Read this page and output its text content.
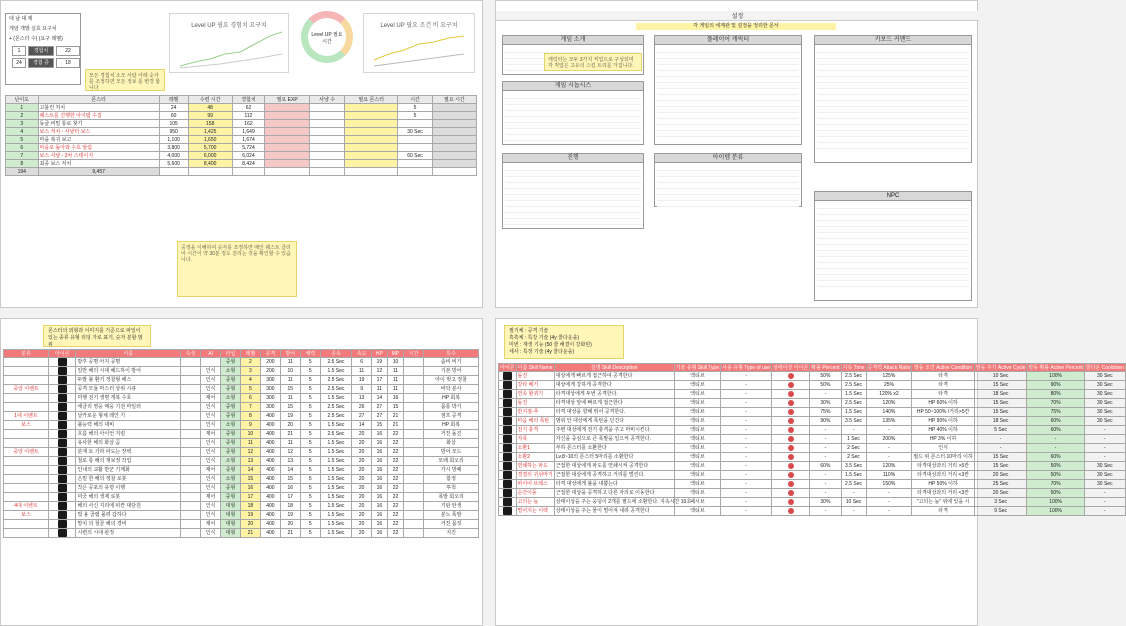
대 남 대 제
게임 개발 실효 요구치
+ (몬스터 수) (요구 레벨)
1	경험치	22
24	경험 증	18
Level UP 필요 경험치 요구치
Level UP 필요 시간
Level UP 필요 조건 비 요구치
모든 경험치 소모 사람 아래 숫자 를 조정하면 모든 정보 를 변경 합니다
난이도	몬스터	레벨	수련 시간	경험치	필요 EXP	사냥 수	필요 몬스터	시간	필요 시간
1	고블린 처치	24	48	62				5	
2	퀘스트를 진행한 아이템 수집	60	99	112				5	
3	동굴 비밀 통로 찾기	105	158	162					
4	보스 처치 - 사냥터 보스	950	1,425	1,649				30 Sec	
5	마을 복귀 보고	1,100	1,650	1,674					
6	마을로 돌아와 수호 알림	3,800	5,700	5,724					
7	보스 사냥 - 2차 스테이지	4,000	6,000	6,024				60 Sec	
8	최종 보스 처치	5,600	8,400	8,424					
194	9,457								
공정을 이해하여 숫자를 조정하면 메인 퀘스트 클리어 시간이 약 30분 정도 걸리는 것을 확인할 수 있습니다.
설정
각 게임의 세계관 및 설정을 정리한 문서
게임 소개	플레이어 캐릭터	키보드 커맨드
게임 시놉시스
캐릭터는 모두 3가지 직업으로 구성되며 각 직업은 고유의 스킬 트리를 가집니다.
진행	아이템 분류
NPC
몬스터의 외형과 이미지를 기준으로 파일이 있는 종류 유형 리딩 가로 표기, 숫자 분할 범위
분류	아이콘	이름	속성	AI	타입	레벨	공격	방어	체력	공속	속도	HP	MP	시간	특수
		방후 공명 아지 공명			중형	2	200	11	5	2.5 Sec	6	19	10		좀비 비기
		일반 해의 시대 헤드하이 방어		인식	소형	3	200	10	5	1.5 Sec	11	12	11		기본 방어
		두발 불 환기 정찰형 해스		인식	중형	4	300	11	5	2.5 Sec	19	17	11		아이 벗고 정찰
중앙 이벤트		공격 모듈 마스터 상위 시큐		인식	중형	5	300	15	5	2.5 Sec	9	11	11		바닥 분사
		미행 전기 생명 개복 수호		제어	소형	6	300	11	5	1.5 Sec	13	14	16		HP 회복
		에클리 영웅 메웅 기전 마일러		인식	중형	7	300	15	5	2.5 Sec	26	27	15		몸통 박기
1대 이벤트		날카로운 형체 레인 기		인식	중형	8	400	19	5	2.5 Sec	27	27	21		점프 공격
보스		불능력 해의 대비		인식	소형	9	400	20	5	1.5 Sec	14	15	21		HP 회복
		흐름 해의 아이언 지킴		제어	중형	10	400	21	5	2.5 Sec	20	16	22		거친 돌진
		유사한 해의 화살 곰		인식	중형	11	400	11	5	1.5 Sec	20	16	22		화살
중앙 이벤트		분재 토 기라 파도는 장벽		인식	중형	12	400	12	5	1.5 Sec	20	16	22		방어 모드
		철로 통 해의 재보정 작업		인식	소형	13	400	13	5	1.5 Sec	20	16	22		모래 회오리
		인내의 교활 반군 기계화		제어	중형	14	400	14	5	1.5 Sec	20	16	22		가시 방패
		은밀 한 해의 정찰 로봇		인식	소형	15	400	15	5	1.5 Sec	20	16	22		함정
		작은 공포의 유령 이행		인식	중형	16	400	16	5	1.5 Sec	20	16	22		투척
		미궁 해의 생제 로봇		제어	중형	17	400	17	5	1.5 Sec	20	16	22		폭발 회오리
4대 이벤트		해의 사신 지리에 피칸 대단원		인식	대형	18	400	18	5	1.5 Sec	20	16	22		기판 탄생
보스		빛 용 골렘 몰려 갑하다		인식	대형	19	400	19	5	1.5 Sec	20	16	22		분노 폭발
		망치 의 철골 해의 경비		제어	대형	20	400	20	5	1.5 Sec	20	16	22		거친 몸짓
		시련의 시대 판정		인식	대형	21	400	21	5	1.5 Sec	20	16	22		지진
필기체 : 공격 기술
흑흑체 : 특강 기술 (4y 쿨다운을)
미번 : 재생 기능 (50 쿨 해결이 강화된)
세사 : 특정 기술 (4y 쿨다운을)
아이콘	이름 Skill Name	설명 Skill Description	기술 유형 Skill Type	사용 유형 Type of use	상태이상 아이콘	확률 Percent	지속 Time	공격력 Attack Ratio	발동 조건 Active Condition	발동 주기 Active Cycle	발동 확률 Active Percent	쿨다운 Cooldown
	돌진	대상에게 빠르게 접근하여 공격한다	액티브	-		50%	2.5 Sec	125%	타격	10 Sec	100%	30 Sec
	강타 베기	대상에게 강하게 공격한다	액티브	-		50%	2.5 Sec	25%	타격	15 Sec	90%	30 Sec
	연속 할퀴기	타격대상에게 두번 공격한다.	액티브	-		-	1.5 Sec	120% x2	타격	18 Sec	80%	30 Sec
	돌진	타격대상 앞에 빠르게 접근한다	액티브	-		30%	2.5 Sec	120%	HP 60% 이하	15 Sec	70%	30 Sec
	반지점-푸	타격 대상을 향해 뛰어 공격한다.	액티브	-		75%	1.5 Sec	140%	HP 50~100% /거리>5칸	15 Sec	75%	30 Sec
	마음 해의 폭탄	범위 안 대상에게 폭탄을 던진다	액티브	-		90%	3.5 Sec	135%	HP 90% 이하	18 Sec	60%	30 Sec
	전기 충격	주변 대상에게 전기 충격을 주고 마비시킨다.	액티브	-		-	-	-	HP 40% 이하	5 Sec	60%	-
	자폭	자신을 중심으로 큰 폭발을 일으켜 공격한다.	액티브	-		-	1 Sec	200%	HP 3% 이하	-	-	-
	소환1	부하 몬스터를 소환한다	액티브	-		-	2 Sec	-	인식	-	-	-
	소환2	Lv.8~10의 몬스터 5마리를 소환한다	액티브	-		-	2 Sec	-	필드 위 몬스터 10마리 이하	15 Sec	60%	-
	연쇄하는 파도	근접한 대상에게 파도를 연쇄시켜 공격한다	액티브	-		60%	3.5 Sec	120%	타격대상과의 거리 >5칸	15 Sec	50%	30 Sec
	경결의 귀섞마기	근접한 대상에게 공격하고 거리를 벌린다.	액티브	-		-	1.5 Sec	110%	타격대상과의 거리 <3칸	20 Sec	50%	30 Sec
	파이어 브레스	타격 대상에게 불을 내뿜는다	액티브	-		-	2.5 Sec	150%	HP 50% 이하	25 Sec	70%	30 Sec
	순간이동	근접한 대상을 공격하고 다른 자리로 이동한다	액티브	-		-	-	-	타격대상과의 거리 <3칸	20 Sec	50%	-
	고의는 늪	상태이상을 주는 웅덩이 2개를 필드에 소환한다. 지속시간 10초	패시브	-		30%	10 Sec	-	"고의는 늪" 위에 있을 시	3 Sec	100%	-
	떨어지는 이펙	상태이상을 주는 물이 떨어져 내려 공격한다	액티브	-		-	-	-	타격	9 Sec	100%	-
